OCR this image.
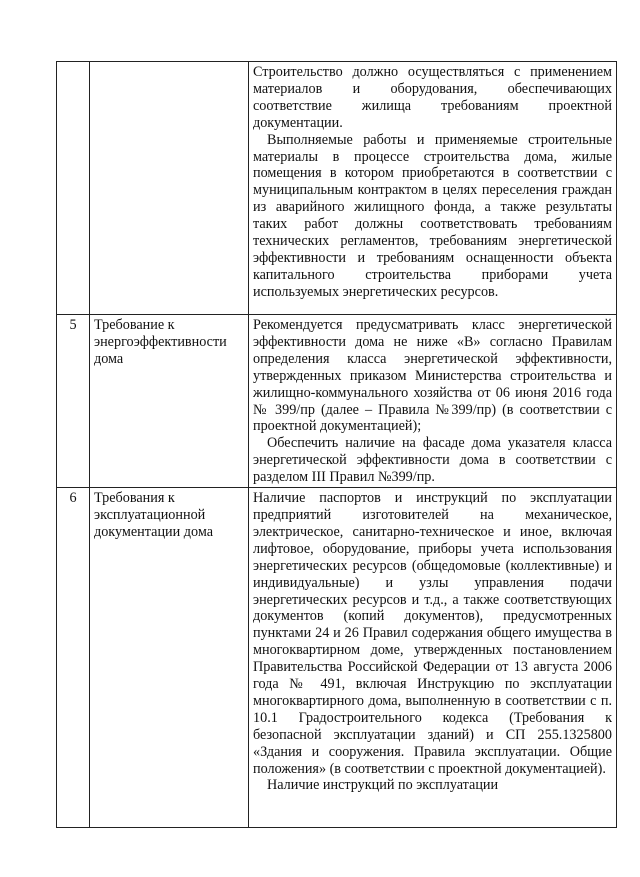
		Строительство должно осуществляться с применением материалов и оборудования, обеспечивающих соответствие жилища требованиям проектной документации.

Выполняемые работы и применяемые строительные материалы в процессе строительства дома, жилые помещения в котором приобретаются в соответствии с муниципальным контрактом в целях переселения граждан из аварийного жилищного фонда, а также результаты таких работ должны соответствовать требованиям технических регламентов, требованиям энергетической эффективности и требованиям оснащенности объекта капитального строительства приборами учета используемых энергетических ресурсов.

5	Требование к энергоэффективности дома	Рекомендуется предусматривать класс энергетической эффективности дома не ниже «В» согласно Правилам определения класса энергетической эффективности, утвержденных приказом Министерства строительства и жилищно-коммунального хозяйства от 06 июня 2016 года № 399/пр (далее – Правила №399/пр) (в соответствии с проектной документацией);

Обеспечить наличие на фасаде дома указателя класса энергетической эффективности дома в соответствии с разделом III Правил №399/пр.

6	Требования к эксплуатационной документации дома	Наличие паспортов и инструкций по эксплуатации предприятий изготовителей на механическое, электрическое, санитарно-техническое и иное, включая лифтовое, оборудование, приборы учета использования энергетических ресурсов (общедомовые (коллективные) и индивидуальные) и узлы управления подачи энергетических ресурсов и т.д., а также соответствующих документов (копий документов), предусмотренных пунктами 24 и 26 Правил содержания общего имущества в многоквартирном доме, утвержденных постановлением Правительства Российской Федерации от 13 августа 2006 года № 491, включая Инструкцию по эксплуатации многоквартирного дома, выполненную в соответствии с п. 10.1 Градостроительного кодекса (Требования к безопасной эксплуатации зданий) и СП 255.1325800 «Здания и сооружения. Правила эксплуатации. Общие положения» (в соответствии с проектной документацией).

Наличие инструкций по эксплуатации
